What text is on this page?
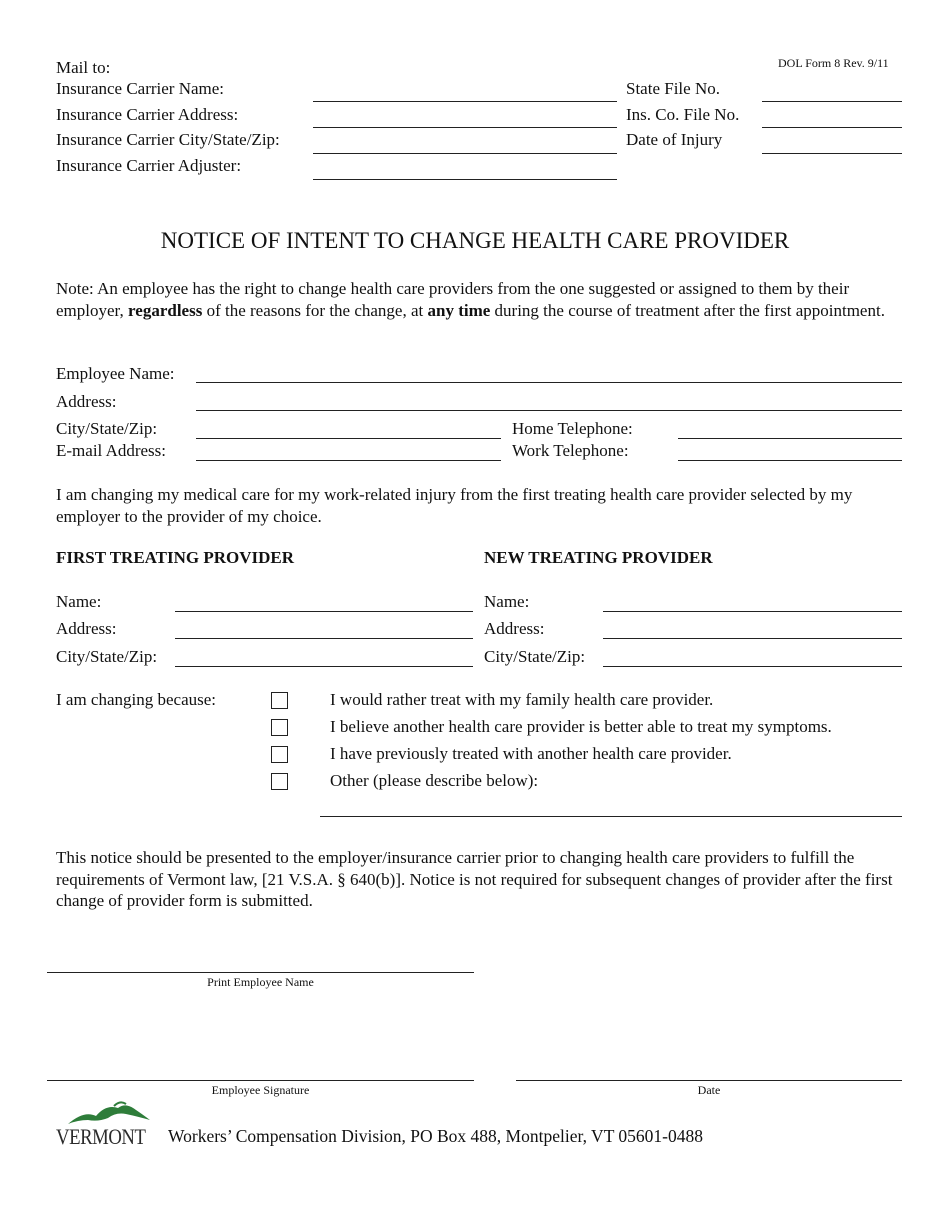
DOL Form 8 Rev. 9/11
Mail to:
Insurance Carrier Name:	State File No.
Insurance Carrier Address:	Ins. Co. File No.
Insurance Carrier City/State/Zip:	Date of Injury
Insurance Carrier Adjuster:
NOTICE OF INTENT TO CHANGE HEALTH CARE PROVIDER
Note: An employee has the right to change health care providers from the one suggested or assigned to them by their employer, regardless of the reasons for the change, at any time during the course of treatment after the first appointment.
Employee Name:
Address:
City/State/Zip:	Home Telephone:
E-mail Address:	Work Telephone:
I am changing my medical care for my work-related injury from the first treating health care provider selected by my employer to the provider of my choice.
FIRST TREATING PROVIDER	NEW TREATING PROVIDER
Name:
Address:
City/State/Zip:
Name:
Address:
City/State/Zip:
I am changing because:	I would rather treat with my family health care provider.
I believe another health care provider is better able to treat my symptoms.
I have previously treated with another health care provider.
Other (please describe below):
This notice should be presented to the employer/insurance carrier prior to changing health care providers to fulfill the requirements of Vermont law, [21 V.S.A. § 640(b)]. Notice is not required for subsequent changes of provider after the first change of provider form is submitted.
Print Employee Name
Employee Signature	Date
VERMONT Workers’ Compensation Division, PO Box 488, Montpelier, VT 05601-0488
